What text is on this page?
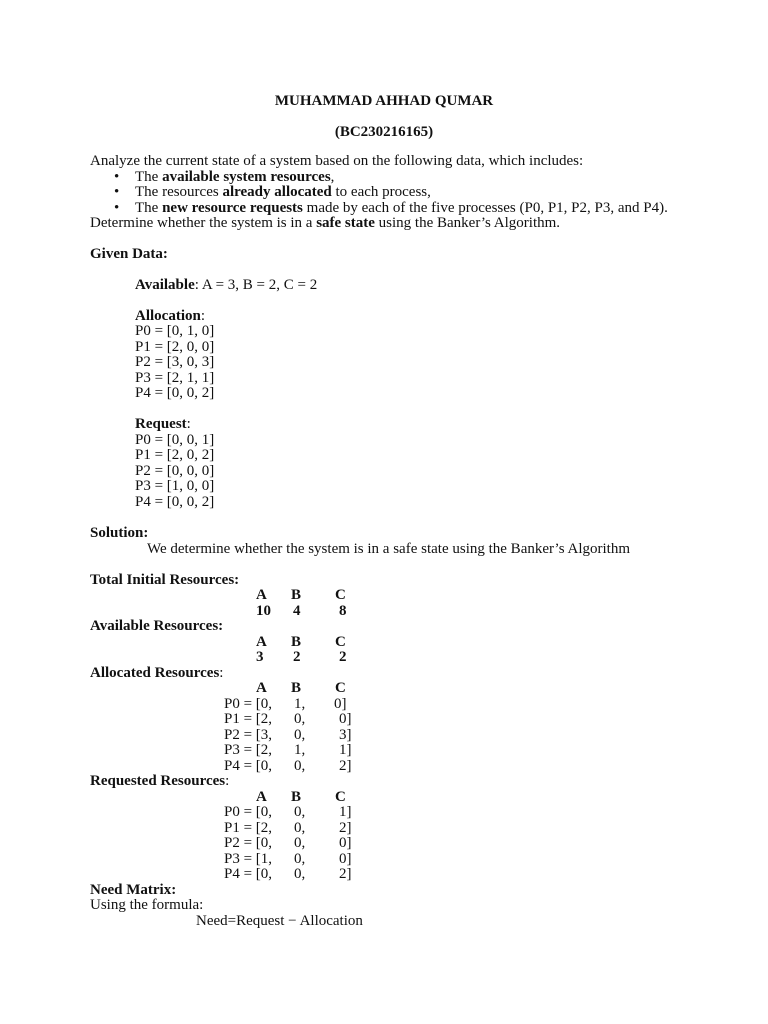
MUHAMMAD AHHAD QUMAR
(BC230216165)
Analyze the current state of a system based on the following data, which includes:
• The available system resources,
• The resources already allocated to each process,
• The new resource requests made by each of the five processes (P0, P1, P2, P3, and P4).
Determine whether the system is in a safe state using the Banker’s Algorithm.
Given Data:
Available: A = 3, B = 2, C = 2
Allocation:
P0 = [0, 1, 0]
P1 = [2, 0, 0]
P2 = [3, 0, 3]
P3 = [2, 1, 1]
P4 = [0, 0, 2]
Request:
P0 = [0, 0, 1]
P1 = [2, 0, 2]
P2 = [0, 0, 0]
P3 = [1, 0, 0]
P4 = [0, 0, 2]
Solution:
We determine whether the system is in a safe state using the Banker’s Algorithm
Total Initial Resources:
A B C
10 4	8
Available Resources:
A B C
3 2	2
Allocated Resources:
A B C
P0 = [0, 1, 0]
P1 = [2, 0, 0]
P2 = [3, 0, 3]
P3 = [2, 1, 1]
P4 = [0, 0, 2]
Requested Resources:
A B C
P0 = [0, 0, 1]
P1 = [2, 0, 2]
P2 = [0, 0, 0]
P3 = [1, 0, 0]
P4 = [0, 0, 2]
Need Matrix:
Using the formula:
Need=Request − Allocation
